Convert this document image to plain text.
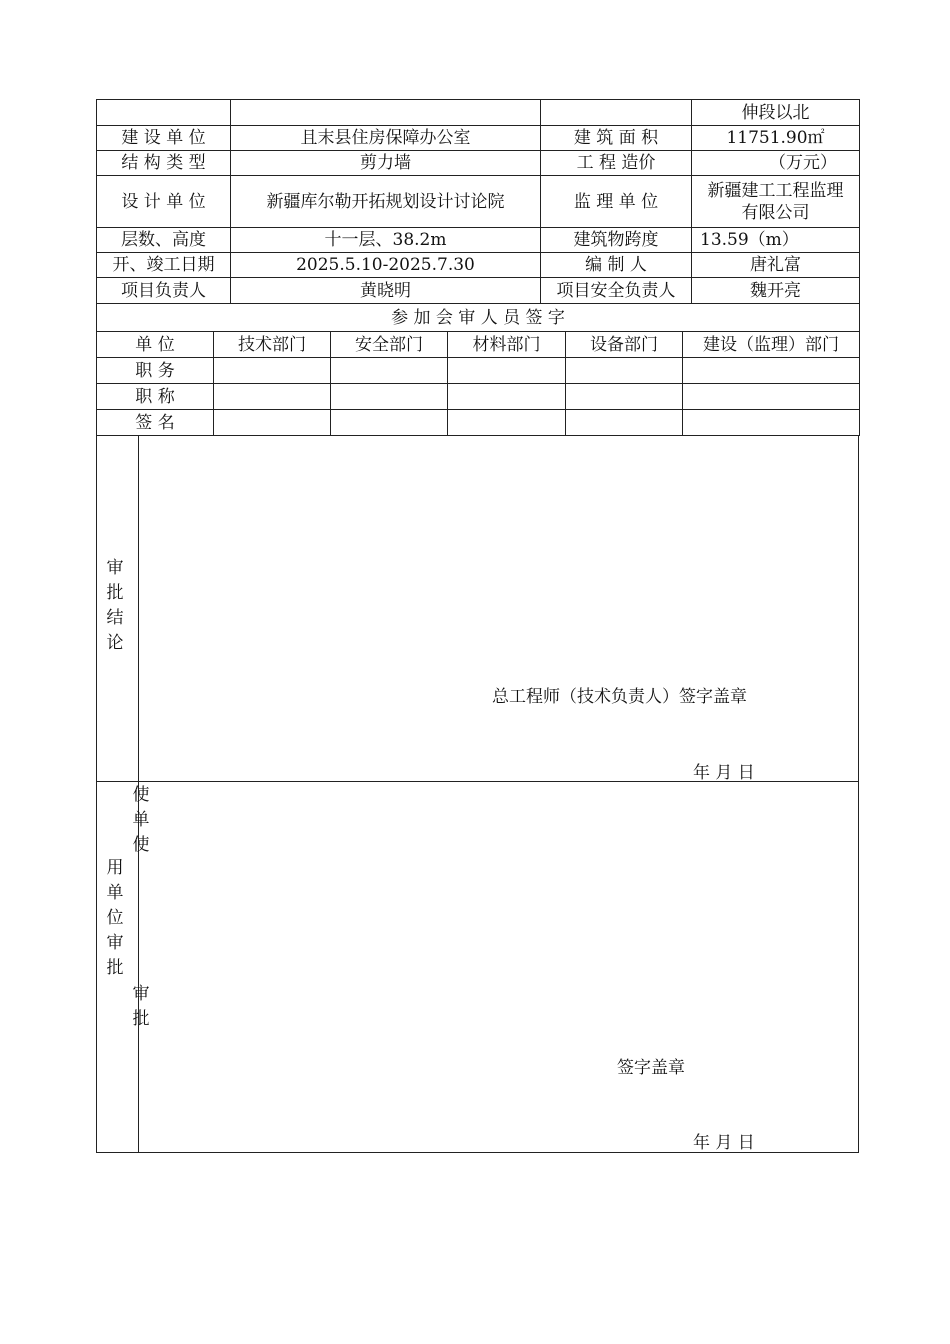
			伸段以北
建 设 单 位	且末县住房保障办公室	建 筑 面 积	11751.90㎡
结 构 类 型	剪力墙	工 程 造价	（万元）
设 计 单 位	新疆库尔勒开拓规划设计讨论院	监 理 单 位	新疆建工工程监理有限公司
层数、高度	十一层、38.2m	建筑物跨度	13.59（m）
开、竣工日期	2025.5.10-2025.7.30	编 制 人	唐礼富
项目负责人	黄晓明	项目安全负责人	魏开亮
参 加 会 审 人 员 签 字			
单 位	技术部门	安全部门	材料部门	设备部门	建设（监理）部门
职 务					
职 称					
签 名					
审
批
结
论
总工程师（技术负责人）签字盖章
年 月 日
用
单
位
审
批
使
单
使
审
批
签字盖章
年 月 日
